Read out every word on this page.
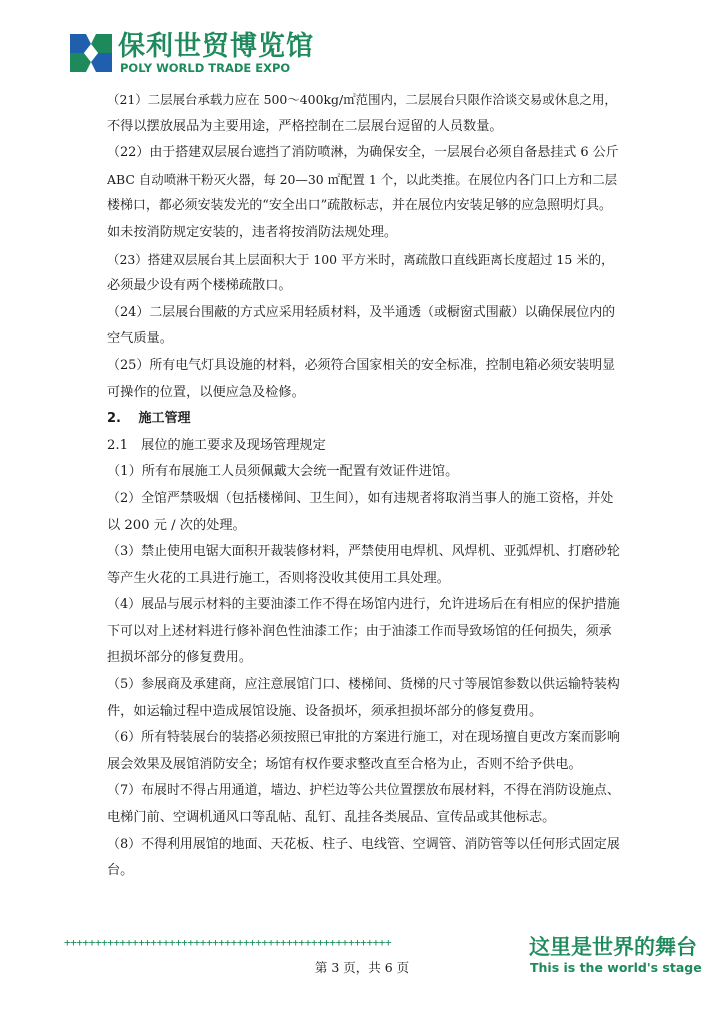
保利世贸博览馆
POLY WORLD TRADE EXPO
（21）二层展台承载力应在 500～400kg/㎡范围内，二层展台只限作洽谈交易或休息之用，
不得以摆放展品为主要用途，严格控制在二层展台逗留的人员数量。
（22）由于搭建双层展台遮挡了消防喷淋，为确保安全，一层展台必须自备悬挂式 6 公斤
ABC 自动喷淋干粉灭火器，每 20—30 ㎡配置 1 个，以此类推。在展位内各门口上方和二层
楼梯口，都必须安装发光的“安全出口”疏散标志，并在展位内安装足够的应急照明灯具。
如未按消防规定安装的，违者将按消防法规处理。
（23）搭建双层展台其上层面积大于 100 平方米时，离疏散口直线距离长度超过 15 米的，
必须最少设有两个楼梯疏散口。
（24）二层展台围蔽的方式应采用轻质材料，及半通透（或橱窗式围蔽）以确保展位内的
空气质量。
（25）所有电气灯具设施的材料，必须符合国家相关的安全标准，控制电箱必须安装明显
可操作的位置，以便应急及检修。
2.　 施工管理
2.1　展位的施工要求及现场管理规定
（1）所有布展施工人员须佩戴大会统一配置有效证件进馆。
（2）全馆严禁吸烟（包括楼梯间、卫生间），如有违规者将取消当事人的施工资格，并处
以 200 元 / 次的处理。
（3）禁止使用电锯大面积开裁装修材料，严禁使用电焊机、风焊机、亚弧焊机、打磨砂轮
等产生火花的工具进行施工，否则将没收其使用工具处理。
（4）展品与展示材料的主要油漆工作不得在场馆内进行，允许进场后在有相应的保护措施
下可以对上述材料进行修补润色性油漆工作；由于油漆工作而导致场馆的任何损失，须承
担损坏部分的修复费用。
（5）参展商及承建商，应注意展馆门口、楼梯间、货梯的尺寸等展馆参数以供运输特装构
件，如运输过程中造成展馆设施、设备损坏，须承担损坏部分的修复费用。
（6）所有特装展台的装搭必须按照已审批的方案进行施工，对在现场擅自更改方案而影响
展会效果及展馆消防安全；场馆有权作要求整改直至合格为止，否则不给予供电。
（7）布展时不得占用通道，墙边、护栏边等公共位置摆放布展材料，不得在消防设施点、
电梯门前、空调机通风口等乱帖、乱钉、乱挂各类展品、宣传品或其他标志。
（8）不得利用展馆的地面、天花板、柱子、电线管、空调管、消防管等以任何形式固定展
台。
+++++++++++++++++++++++++++++++++++++++++++++++++++++	这里是世界的舞台
This is the world's stage
第 3 页，共 6 页
